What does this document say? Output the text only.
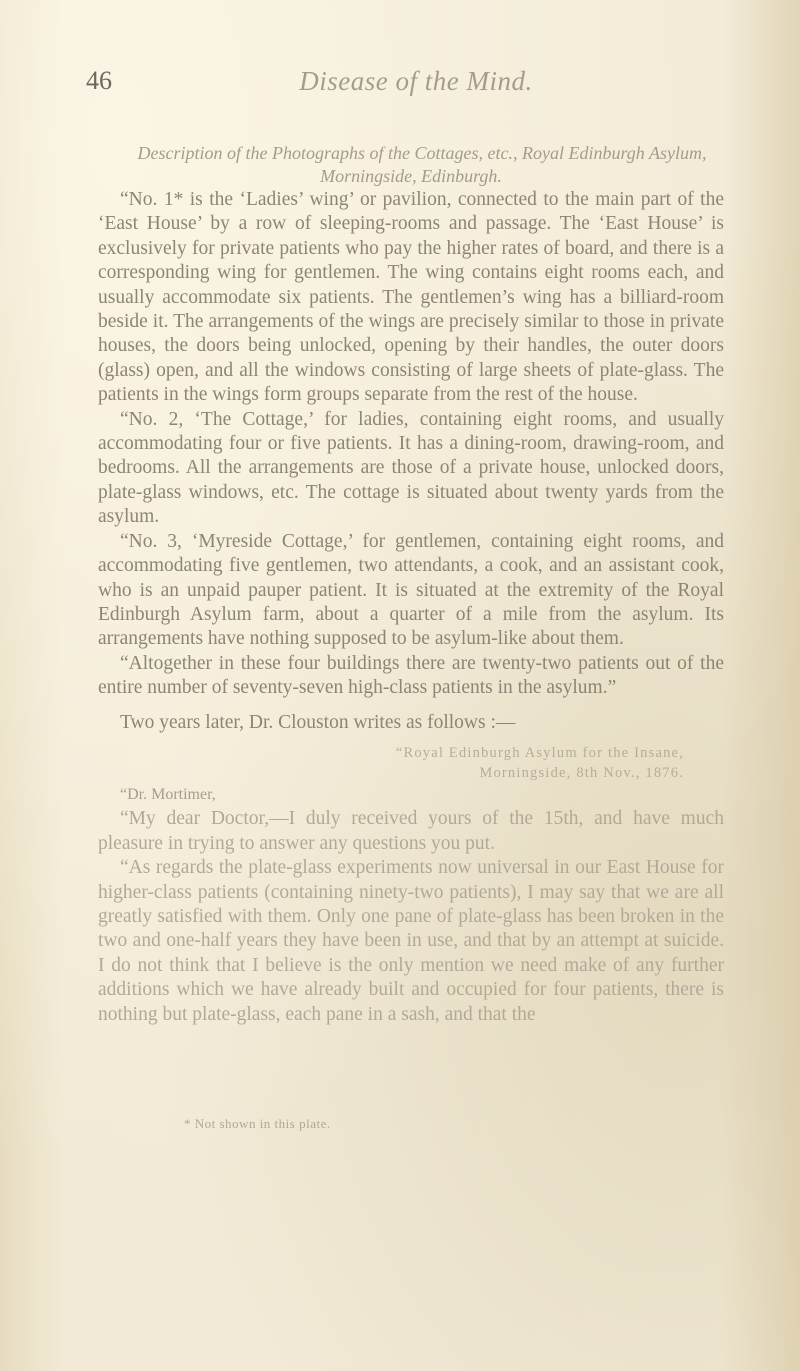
46	Disease of the Mind.

Description of the Photographs of the Cottages, etc., Royal Edinburgh Asylum, Morningside, Edinburgh.

“No. 1* is the ‘Ladies’ wing’ or pavilion, connected to the main part of the ‘East House’ by a row of sleeping-rooms and passage. The ‘East House’ is exclusively for private patients who pay the higher rates of board, and there is a corresponding wing for gentlemen. The wing contains eight rooms each, and usually accommodate six patients. The gentlemen’s wing has a billiard-room beside it. The arrangements of the wings are precisely similar to those in private houses, the doors being unlocked, opening by their handles, the outer doors (glass) open, and all the windows consisting of large sheets of plate-glass. The patients in the wings form groups separate from the rest of the house.

“No. 2, ‘The Cottage,’ for ladies, containing eight rooms, and usually accommodating four or five patients. It has a dining-room, drawing-room, and bedrooms. All the arrangements are those of a private house, unlocked doors, plate-glass windows, etc. The cottage is situated about twenty yards from the asylum.

“No. 3, ‘Myreside Cottage,’ for gentlemen, containing eight rooms, and accommodating five gentlemen, two attendants, a cook, and an assistant cook, who is an unpaid pauper patient. It is situated at the extremity of the Royal Edinburgh Asylum farm, about a quarter of a mile from the asylum. Its arrangements have nothing supposed to be asylum-like about them.

“Altogether in these four buildings there are twenty-two patients out of the entire number of seventy-seven high-class patients in the asylum.”

Two years later, Dr. Clouston writes as follows :—

“Royal Edinburgh Asylum for the Insane,
Morningside, 8th Nov., 1876.

“Dr. Mortimer,

“My dear Doctor,—I duly received yours of the 15th, and have much pleasure in trying to answer any questions you put.

“As regards the plate-glass experiments now universal in our East House for higher-class patients (containing ninety-two patients), I may say that we are all greatly satisfied with them. Only one pane of plate-glass has been broken in the two and one-half years they have been in use, and that by an attempt at suicide. I do not think that I believe is the only mention we need make of any further additions which we have already built and occupied for four patients, there is nothing but plate-glass, each pane in a sash, and that the

* Not shown in this plate.
